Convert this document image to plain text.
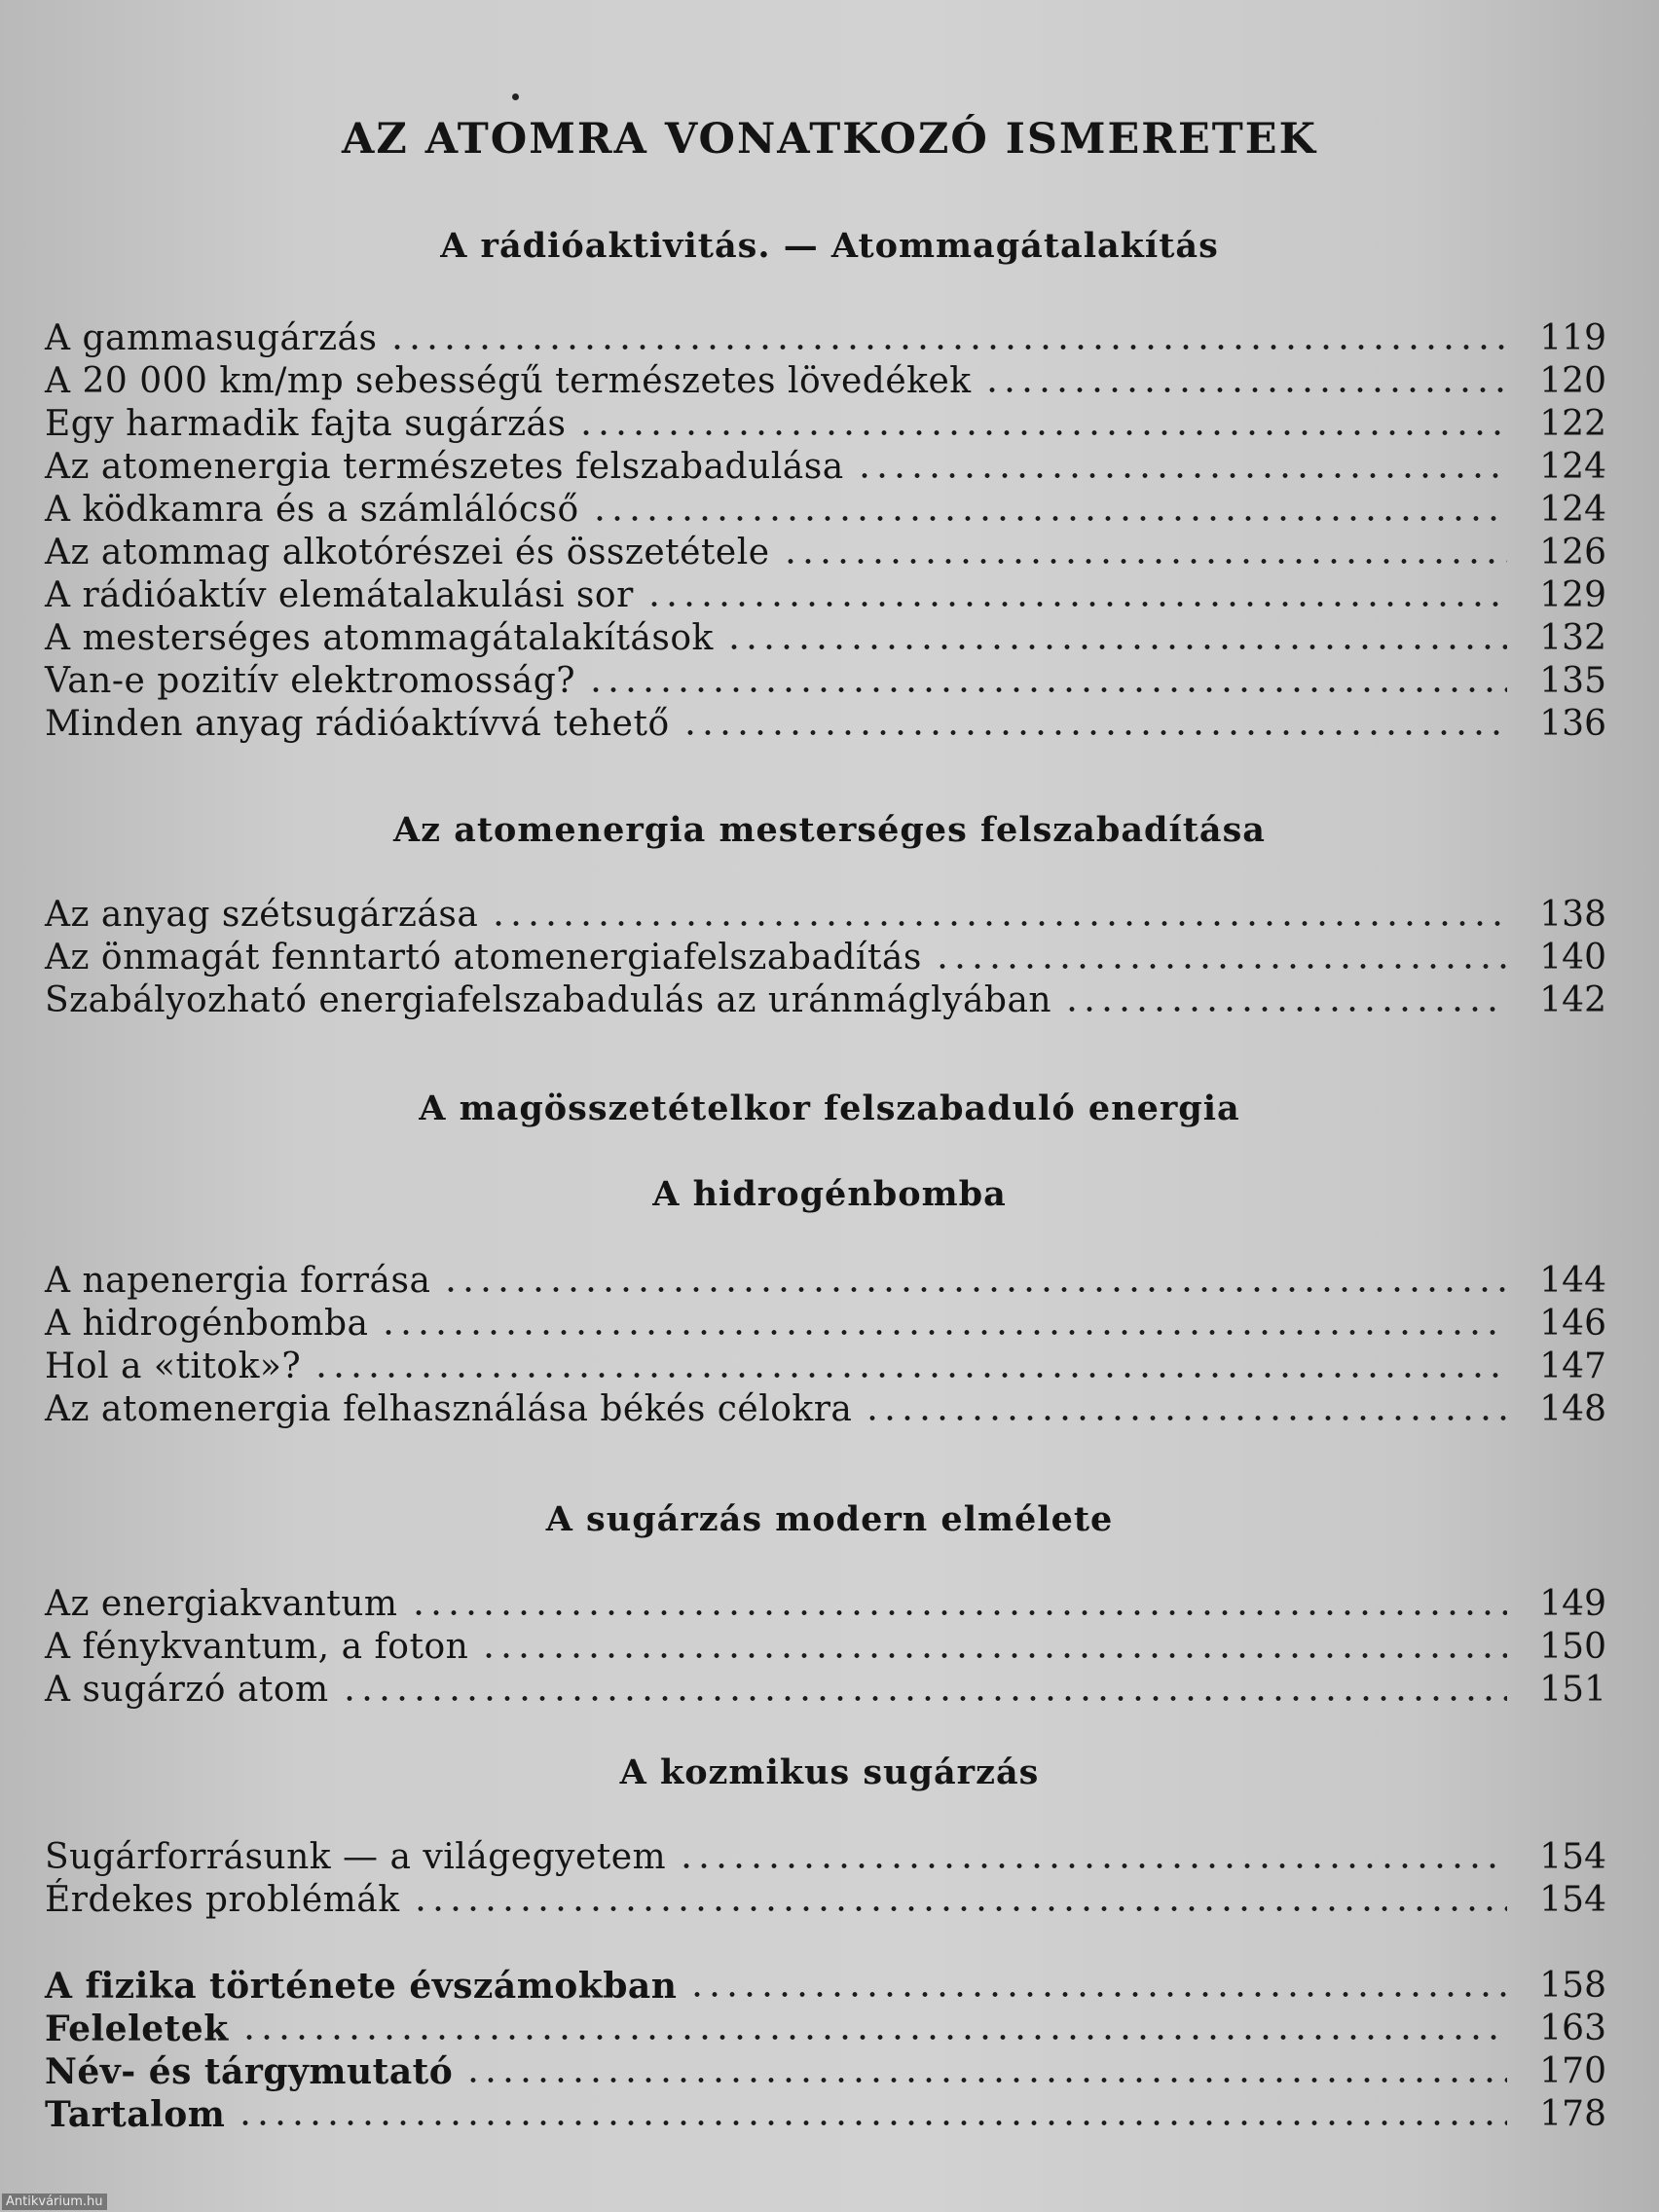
AZ ATOMRA VONATKOZÓ ISMERETEK
A rádióaktivitás. — Atommagátalakítás
A gammasugárzás	119
A 20 000 km/mp sebességű természetes lövedékek	120
Egy harmadik fajta sugárzás	122
Az atomenergia természetes felszabadulása	124
A ködkamra és a számlálócső	124
Az atommag alkotórészei és összetétele	126
A rádióaktív elemátalakulási sor	129
A mesterséges atommagátalakítások	132
Van-e pozitív elektromosság?	135
Minden anyag rádióaktívvá tehető	136
Az atomenergia mesterséges felszabadítása
Az anyag szétsugárzása	138
Az önmagát fenntartó atomenergiafelszabadítás	140
Szabályozható energiafelszabadulás az uránmáglyában	142
A magösszetételkor felszabaduló energia
A hidrogénbomba
A napenergia forrása	144
A hidrogénbomba	146
Hol a «titok»?	147
Az atomenergia felhasználása békés célokra	148
A sugárzás modern elmélete
Az energiakvantum	149
A fénykvantum, a foton	150
A sugárzó atom	151
A kozmikus sugárzás
Sugárforrásunk — a világegyetem	154
Érdekes problémák	154
A fizika története évszámokban	158
Feleletek	163
Név- és tárgymutató	170
Tartalom	178
Antikvárium.hu
